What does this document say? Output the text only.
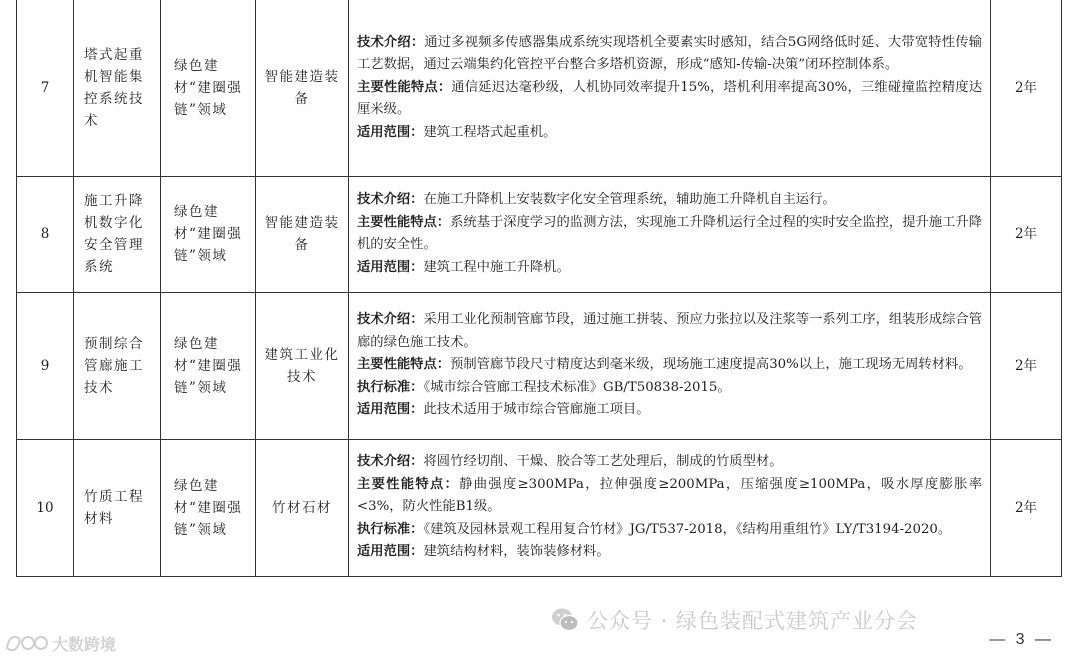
7	塔式起重机智能集控系统技术	绿色建材“建圈强链”领域	智能建造装备	技术介绍：通过多视频多传感器集成系统实现塔机全要素实时感知，结合5G网络低时延、大带宽特性传输工艺数据，通过云端集约化管控平台整合多塔机资源，形成“感知-传输-决策”闭环控制体系。

主要性能特点：通信延迟达毫秒级，人机协同效率提升15%，塔机利用率提高30%，三维碰撞监控精度达厘米级。

适用范围：建筑工程塔式起重机。	2年
8	施工升降机数字化安全管理系统	绿色建材“建圈强链”领域	智能建造装备	技术介绍：在施工升降机上安装数字化安全管理系统，辅助施工升降机自主运行。

主要性能特点：系统基于深度学习的监测方法，实现施工升降机运行全过程的实时安全监控，提升施工升降机的安全性。

适用范围：建筑工程中施工升降机。	2年
9	预制综合管廊施工技术	绿色建材“建圈强链”领域	建筑工业化技术	技术介绍：采用工业化预制管廊节段，通过施工拼装、预应力张拉以及注浆等一系列工序，组装形成综合管廊的绿色施工技术。

主要性能特点：预制管廊节段尺寸精度达到毫米级，现场施工速度提高30%以上，施工现场无周转材料。

执行标准：《城市综合管廊工程技术标准》GB/T50838-2015。

适用范围：此技术适用于城市综合管廊施工项目。	2年
10	竹质工程材料	绿色建材“建圈强链”领域	竹材石材	技术介绍：将圆竹经切削、干燥、胶合等工艺处理后，制成的竹质型材。

主要性能特点：静曲强度≥300MPa，拉伸强度≥200MPa，压缩强度≥100MPa，吸水厚度膨胀率<3%，防火性能B1级。

执行标准：《建筑及园林景观工程用复合竹材》JG/T537-2018，《结构用重组竹》LY/T3194-2020。

适用范围：建筑结构材料，装饰装修材料。	2年
公众号 · 绿色装配式建筑产业分会
大数跨境	— 3 —
